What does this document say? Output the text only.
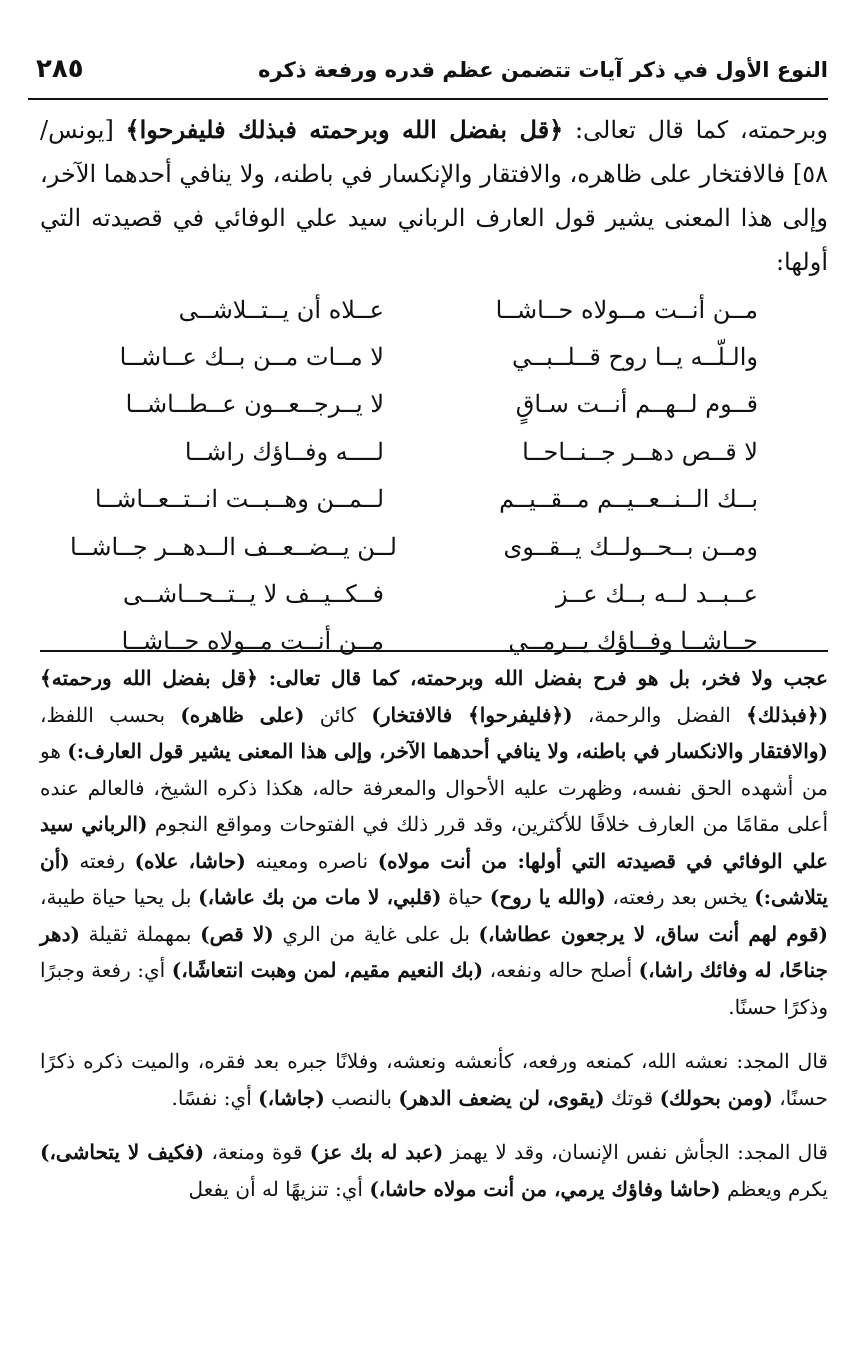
النوع الأول في ذكر آيات تتضمن عظم قدره ورفعة ذكره
٢٨٥

وبرحمته، كما قال تعالى: ﴿قل بفضل الله وبرحمته فبذلك فليفرحوا﴾ [يونس/ ٥٨] فالافتخار على ظاهره، والافتقار والإنكسار في باطنه، ولا ينافي أحدهما الآخر، وإلى هذا المعنى يشير قول العارف الرباني سيد علي الوفائي في قصيدته التي أولها:

مــن أنــت مــولاه حــاشــا
عــلاه أن يــتــلاشــى
والـلّــه يــا روح قــلــبــي
لا مــات مــن بــك عــاشــا
قــوم لــهــم أنــت سـاقٍ
لا يــرجــعــون عــطــاشــا
لا قــص دهــر جــنــاحــا
لــــه وفــاؤك راشــا
بــك الــنــعــيــم مــقــيــم
لــمــن وهــبــت انــتــعــاشــا
ومــن بــحــولــك يــقــوى
لــن يــضــعــف الــدهــر جــاشــا
عــبــد لــه بــك عــز
فــكــيــف لا يــتــحــاشــى
حــاشــا وفــاؤك يــرمــي
مــن أنــت مــولاه حــاشــا

عجب ولا فخر، بل هو فرح بفضل الله وبرحمته، كما قال تعالى: ﴿قل بفضل الله ورحمته﴾ (﴿فبذلك﴾ الفضل والرحمة، (﴿فليفرحوا﴾ فالافتخار) كائن (على ظاهره) بحسب اللفظ، (والافتقار والانكسار في باطنه، ولا ينافي أحدهما الآخر، وإلى هذا المعنى يشير قول العارف:) هو من أشهده الحق نفسه، وظهرت عليه الأحوال والمعرفة حاله، هكذا ذكره الشيخ، فالعالم عنده أعلى مقامًا من العارف خلافًا للأكثرين، وقد قرر ذلك في الفتوحات ومواقع النجوم (الرباني سيد علي الوفائي في قصيدته التي أولها: من أنت مولاه) ناصره ومعينه (حاشا، علاه) رفعته (أن يتلاشى:) يخس بعد رفعته، (والله يا روح) حياة (قلبي، لا مات من بك عاشا،) بل يحيا حياة طيبة، (قوم لهم أنت ساق، لا يرجعون عطاشا،) بل على غاية من الري (لا قص) بمهملة ثقيلة (دهر جناحًا، له وفائك راشا،) أصلح حاله ونفعه، (بك النعيم مقيم، لمن وهبت انتعاشًا،) أي: رفعة وجبرًا وذكرًا حسنًا.

قال المجد: نعشه الله، كمنعه ورفعه، كأنعشه ونعشه، وفلانًا جبره بعد فقره، والميت ذكره ذكرًا حسنًا، (ومن بحولك) قوتك (يقوى، لن يضعف الدهر) بالنصب (جاشا،) أي: نفسًا.

قال المجد: الجأش نفس الإنسان، وقد لا يهمز (عبد له بك عز) قوة ومنعة، (فكيف لا يتحاشى،) يكرم ويعظم (حاشا وفاؤك يرمي، من أنت مولاه حاشا،) أي: تنزيهًا له أن يفعل
